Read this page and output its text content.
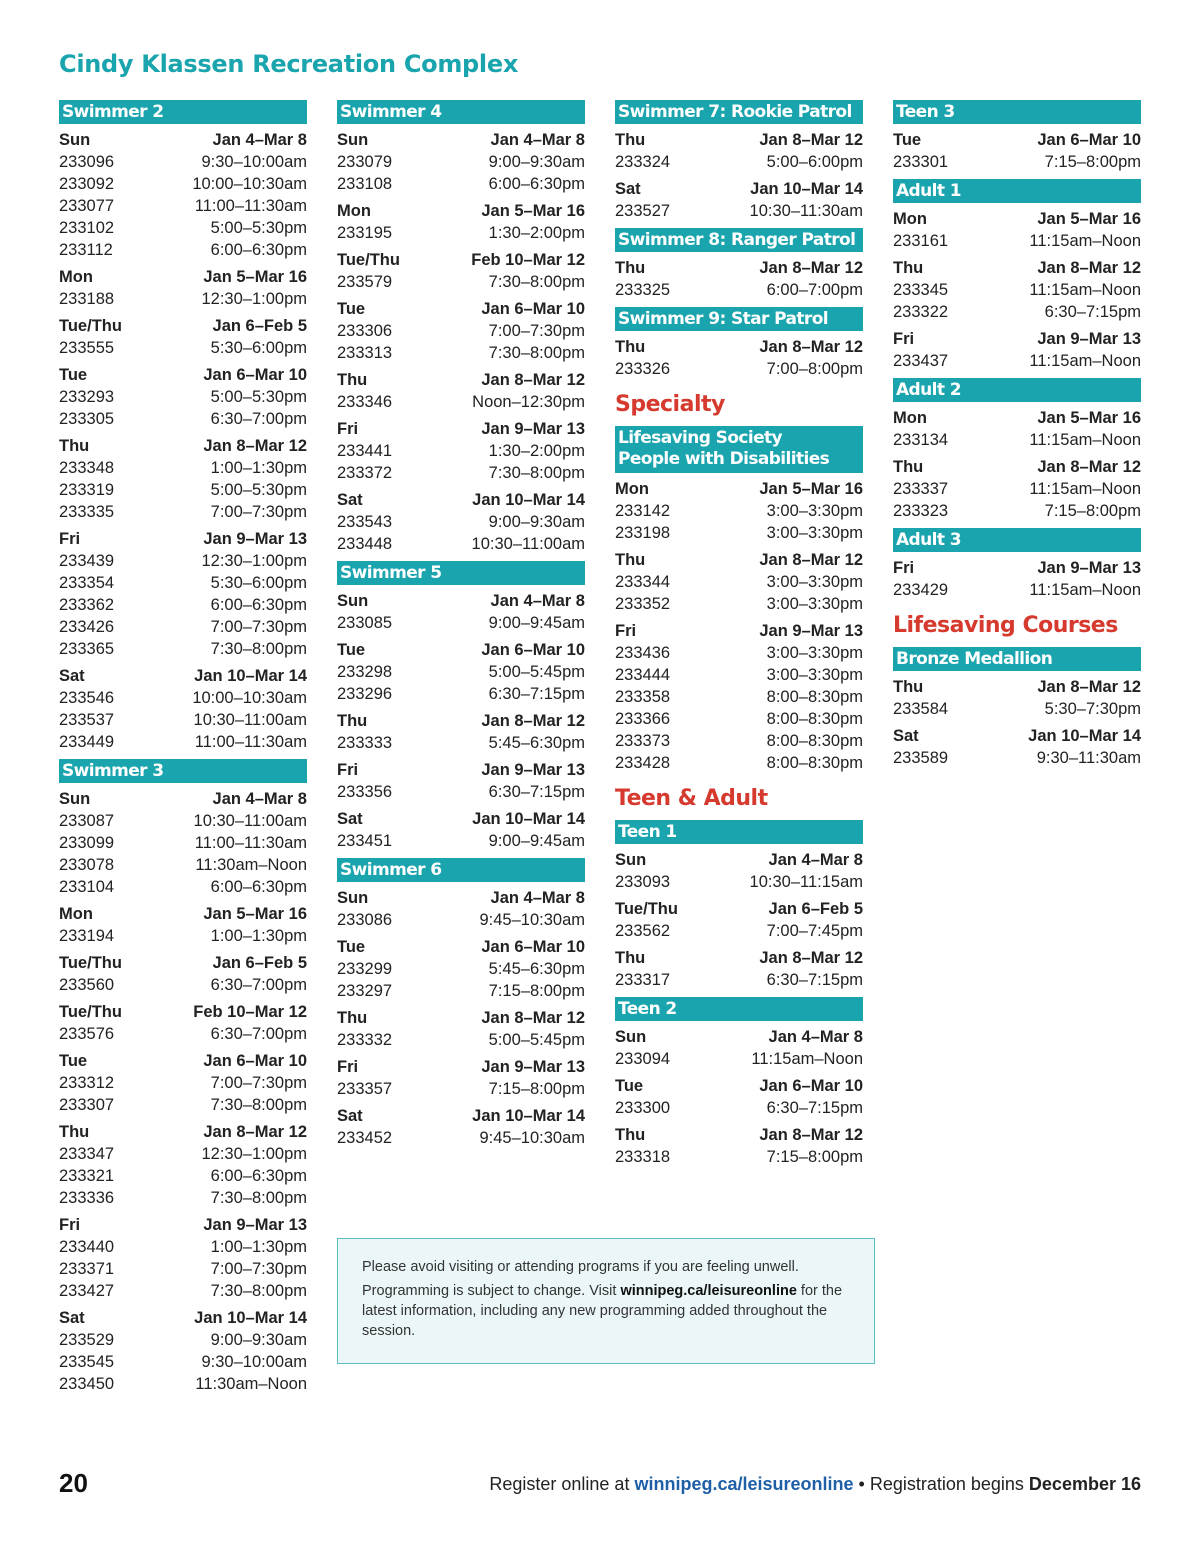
Cindy Klassen Recreation Complex
Swimmer 2
Sun	Jan 4–Mar 8
233096	9:30–10:00am
233092	10:00–10:30am
233077	11:00–11:30am
233102	5:00–5:30pm
233112	6:00–6:30pm
Mon	Jan 5–Mar 16
233188	12:30–1:00pm
Tue/Thu	Jan 6–Feb 5
233555	5:30–6:00pm
Tue	Jan 6–Mar 10
233293	5:00–5:30pm
233305	6:30–7:00pm
Thu	Jan 8–Mar 12
233348	1:00–1:30pm
233319	5:00–5:30pm
233335	7:00–7:30pm
Fri	Jan 9–Mar 13
233439	12:30–1:00pm
233354	5:30–6:00pm
233362	6:00–6:30pm
233426	7:00–7:30pm
233365	7:30–8:00pm
Sat	Jan 10–Mar 14
233546	10:00–10:30am
233537	10:30–11:00am
233449	11:00–11:30am
Swimmer 3
Sun	Jan 4–Mar 8
233087	10:30–11:00am
233099	11:00–11:30am
233078	11:30am–Noon
233104	6:00–6:30pm
Mon	Jan 5–Mar 16
233194	1:00–1:30pm
Tue/Thu	Jan 6–Feb 5
233560	6:30–7:00pm
Tue/Thu	Feb 10–Mar 12
233576	6:30–7:00pm
Tue	Jan 6–Mar 10
233312	7:00–7:30pm
233307	7:30–8:00pm
Thu	Jan 8–Mar 12
233347	12:30–1:00pm
233321	6:00–6:30pm
233336	7:30–8:00pm
Fri	Jan 9–Mar 13
233440	1:00–1:30pm
233371	7:00–7:30pm
233427	7:30–8:00pm
Sat	Jan 10–Mar 14
233529	9:00–9:30am
233545	9:30–10:00am
233450	11:30am–Noon
Swimmer 4
Sun	Jan 4–Mar 8
233079	9:00–9:30am
233108	6:00–6:30pm
Mon	Jan 5–Mar 16
233195	1:30–2:00pm
Tue/Thu	Feb 10–Mar 12
233579	7:30–8:00pm
Tue	Jan 6–Mar 10
233306	7:00–7:30pm
233313	7:30–8:00pm
Thu	Jan 8–Mar 12
233346	Noon–12:30pm
Fri	Jan 9–Mar 13
233441	1:30–2:00pm
233372	7:30–8:00pm
Sat	Jan 10–Mar 14
233543	9:00–9:30am
233448	10:30–11:00am
Swimmer 5
Sun	Jan 4–Mar 8
233085	9:00–9:45am
Tue	Jan 6–Mar 10
233298	5:00–5:45pm
233296	6:30–7:15pm
Thu	Jan 8–Mar 12
233333	5:45–6:30pm
Fri	Jan 9–Mar 13
233356	6:30–7:15pm
Sat	Jan 10–Mar 14
233451	9:00–9:45am
Swimmer 6
Sun	Jan 4–Mar 8
233086	9:45–10:30am
Tue	Jan 6–Mar 10
233299	5:45–6:30pm
233297	7:15–8:00pm
Thu	Jan 8–Mar 12
233332	5:00–5:45pm
Fri	Jan 9–Mar 13
233357	7:15–8:00pm
Sat	Jan 10–Mar 14
233452	9:45–10:30am
Swimmer 7: Rookie Patrol
Thu	Jan 8–Mar 12
233324	5:00–6:00pm
Sat	Jan 10–Mar 14
233527	10:30–11:30am
Swimmer 8: Ranger Patrol
Thu	Jan 8–Mar 12
233325	6:00–7:00pm
Swimmer 9: Star Patrol
Thu	Jan 8–Mar 12
233326	7:00–8:00pm
Specialty
Lifesaving Society
People with Disabilities
Mon	Jan 5–Mar 16
233142	3:00–3:30pm
233198	3:00–3:30pm
Thu	Jan 8–Mar 12
233344	3:00–3:30pm
233352	3:00–3:30pm
Fri	Jan 9–Mar 13
233436	3:00–3:30pm
233444	3:00–3:30pm
233358	8:00–8:30pm
233366	8:00–8:30pm
233373	8:00–8:30pm
233428	8:00–8:30pm
Teen & Adult
Teen 1
Sun	Jan 4–Mar 8
233093	10:30–11:15am
Tue/Thu	Jan 6–Feb 5
233562	7:00–7:45pm
Thu	Jan 8–Mar 12
233317	6:30–7:15pm
Teen 2
Sun	Jan 4–Mar 8
233094	11:15am–Noon
Tue	Jan 6–Mar 10
233300	6:30–7:15pm
Thu	Jan 8–Mar 12
233318	7:15–8:00pm
Teen 3
Tue	Jan 6–Mar 10
233301	7:15–8:00pm
Adult 1
Mon	Jan 5–Mar 16
233161	11:15am–Noon
Thu	Jan 8–Mar 12
233345	11:15am–Noon
233322	6:30–7:15pm
Fri	Jan 9–Mar 13
233437	11:15am–Noon
Adult 2
Mon	Jan 5–Mar 16
233134	11:15am–Noon
Thu	Jan 8–Mar 12
233337	11:15am–Noon
233323	7:15–8:00pm
Adult 3
Fri	Jan 9–Mar 13
233429	11:15am–Noon
Lifesaving Courses
Bronze Medallion
Thu	Jan 8–Mar 12
233584	5:30–7:30pm
Sat	Jan 10–Mar 14
233589	9:30–11:30am

Please avoid visiting or attending programs if you are feeling unwell.

Programming is subject to change. Visit winnipeg.ca/leisureonline for the latest information, including any new programming added throughout the session.

20	Register online at winnipeg.ca/leisureonline • Registration begins December 16
